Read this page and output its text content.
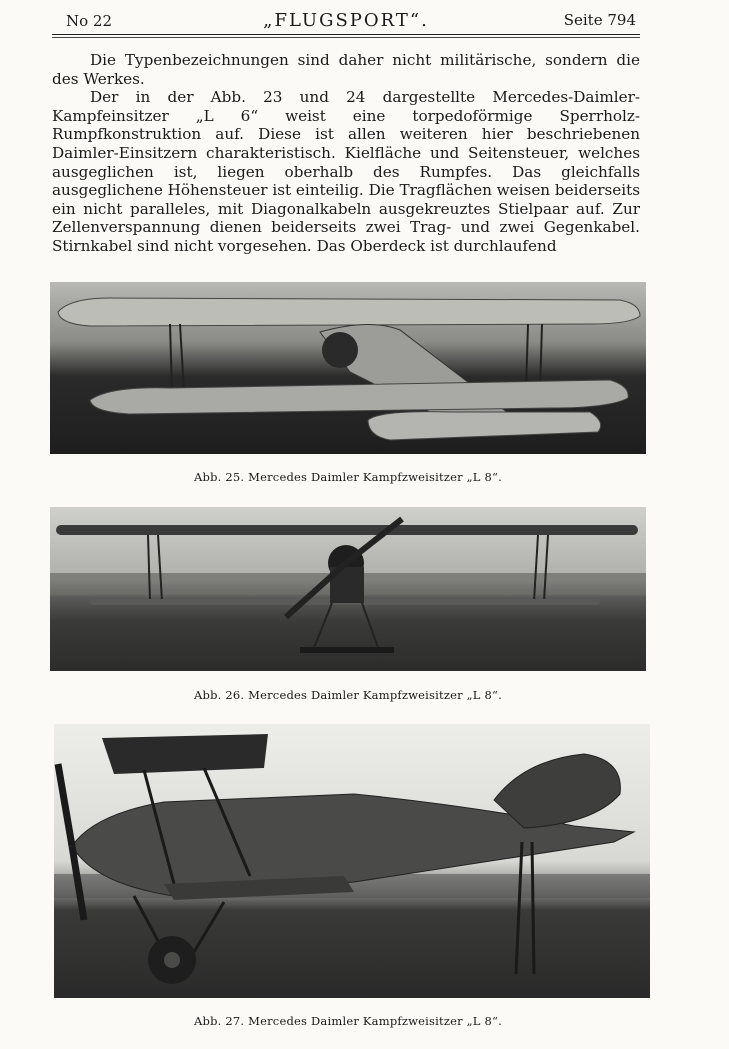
No 22	„FLUGSPORT“.	Seite 794

Die Typenbezeichnungen sind daher nicht militärische, sondern die des Werkes.

Der in der Abb. 23 und 24 dargestellte Mercedes-Daimler-Kampfeinsitzer „L 6“ weist eine torpedoförmige Sperrholz-Rumpfkonstruktion auf. Diese ist allen weiteren hier beschriebenen Daimler-Einsitzern charakteristisch. Kielfläche und Seitensteuer, welches ausgeglichen ist, liegen oberhalb des Rumpfes. Das gleichfalls ausgeglichene Höhensteuer ist einteilig. Die Tragflächen weisen beiderseits ein nicht paralleles, mit Diagonalkabeln ausgekreuztes Stielpaar auf. Zur Zellenverspannung dienen beiderseits zwei Trag- und zwei Gegenkabel. Stirnkabel sind nicht vorgesehen. Das Oberdeck ist durchlaufend

Abb. 25. Mercedes Daimler Kampfzweisitzer „L 8“.
Abb. 26. Mercedes Daimler Kampfzweisitzer „L 8“.
Abb. 27. Mercedes Daimler Kampfzweisitzer „L 8“.
